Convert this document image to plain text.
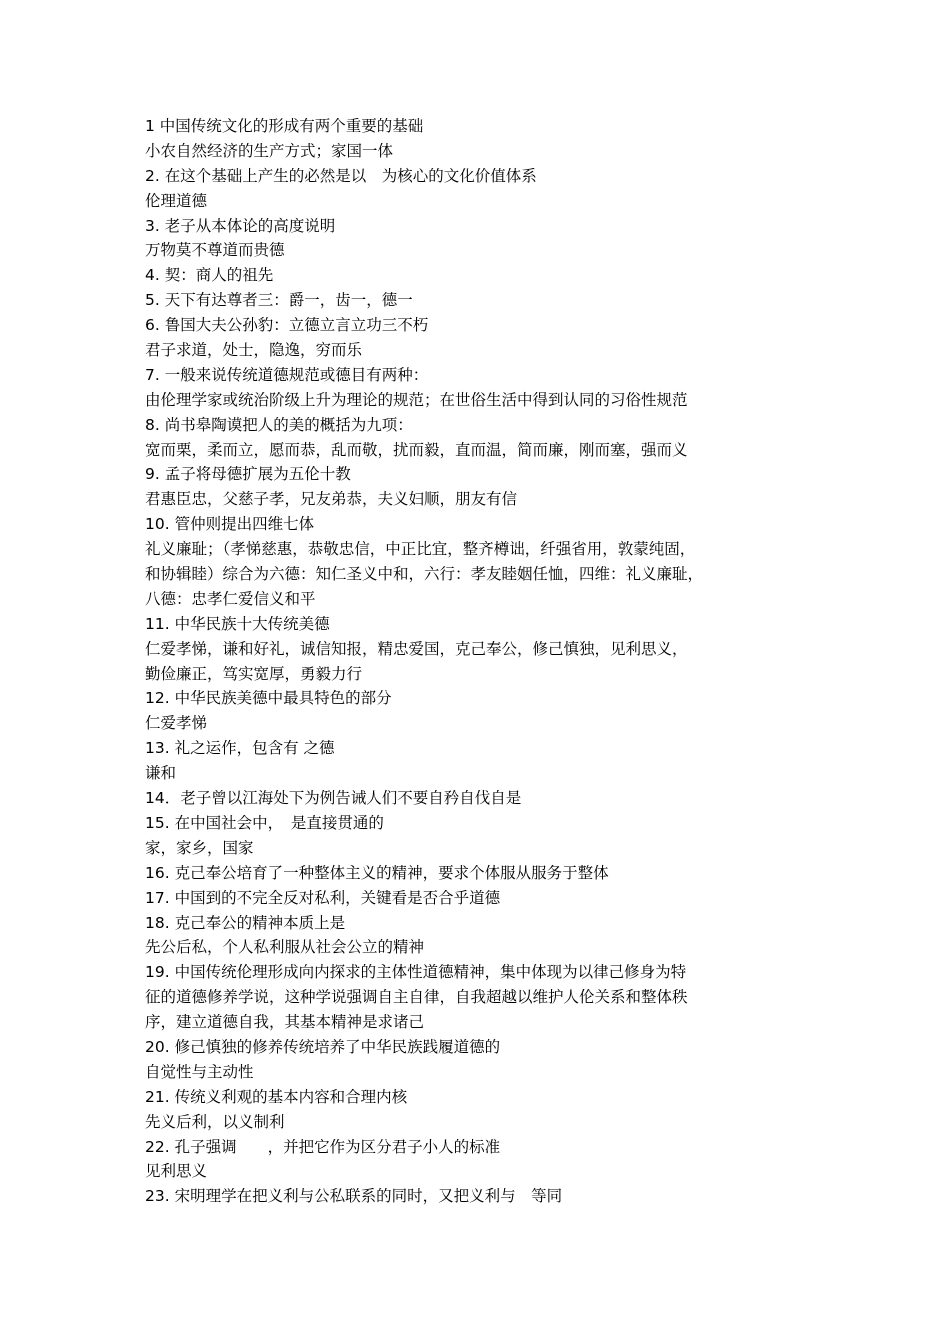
1 中国传统文化的形成有两个重要的基础
小农自然经济的生产方式；家国一体
2. 在这个基础上产生的必然是以　为核心的文化价值体系
伦理道德
3. 老子从本体论的高度说明
万物莫不尊道而贵德
4. 契：商人的祖先
5. 天下有达尊者三：爵一，齿一，德一
6. 鲁国大夫公孙豹：立德立言立功三不朽
君子求道，处士，隐逸，穷而乐
7. 一般来说传统道德规范或德目有两种：
由伦理学家或统治阶级上升为理论的规范；在世俗生活中得到认同的习俗性规范
8. 尚书皋陶谟把人的美的概括为九项：
宽而栗，柔而立，愿而恭，乱而敬，扰而毅，直而温，简而廉，刚而塞，强而义
9. 孟子将母德扩展为五伦十教
君惠臣忠，父慈子孝，兄友弟恭，夫义妇顺，朋友有信
10. 管仲则提出四维七体
礼义廉耻；（孝悌慈惠，恭敬忠信，中正比宜，整齐樽诎，纤强省用，敦蒙纯固，
和协辑睦）综合为六德：知仁圣义中和，六行：孝友睦姻任恤，四维：礼义廉耻，
八德：忠孝仁爱信义和平
11. 中华民族十大传统美德
仁爱孝悌，谦和好礼，诚信知报，精忠爱国，克己奉公，修己慎独，见利思义，
勤俭廉正，笃实宽厚，勇毅力行
12. 中华民族美德中最具特色的部分
仁爱孝悌
13. 礼之运作，包含有 之德
谦和
14．老子曾以江海处下为例告诫人们不要自矜自伐自是
15. 在中国社会中，　是直接贯通的
家，家乡，国家
16. 克己奉公培育了一种整体主义的精神，要求个体服从服务于整体
17. 中国到的不完全反对私利，关键看是否合乎道德
18. 克己奉公的精神本质上是
先公后私，个人私利服从社会公立的精神
19. 中国传统伦理形成向内探求的主体性道德精神，集中体现为以律己修身为特
征的道德修养学说，这种学说强调自主自律，自我超越以维护人伦关系和整体秩
序，建立道德自我，其基本精神是求诸己
20. 修己慎独的修养传统培养了中华民族践履道德的
自觉性与主动性
21. 传统义利观的基本内容和合理内核
先义后利，以义制利
22. 孔子强调　　，并把它作为区分君子小人的标准
见利思义
23. 宋明理学在把义利与公私联系的同时，又把义利与　等同
